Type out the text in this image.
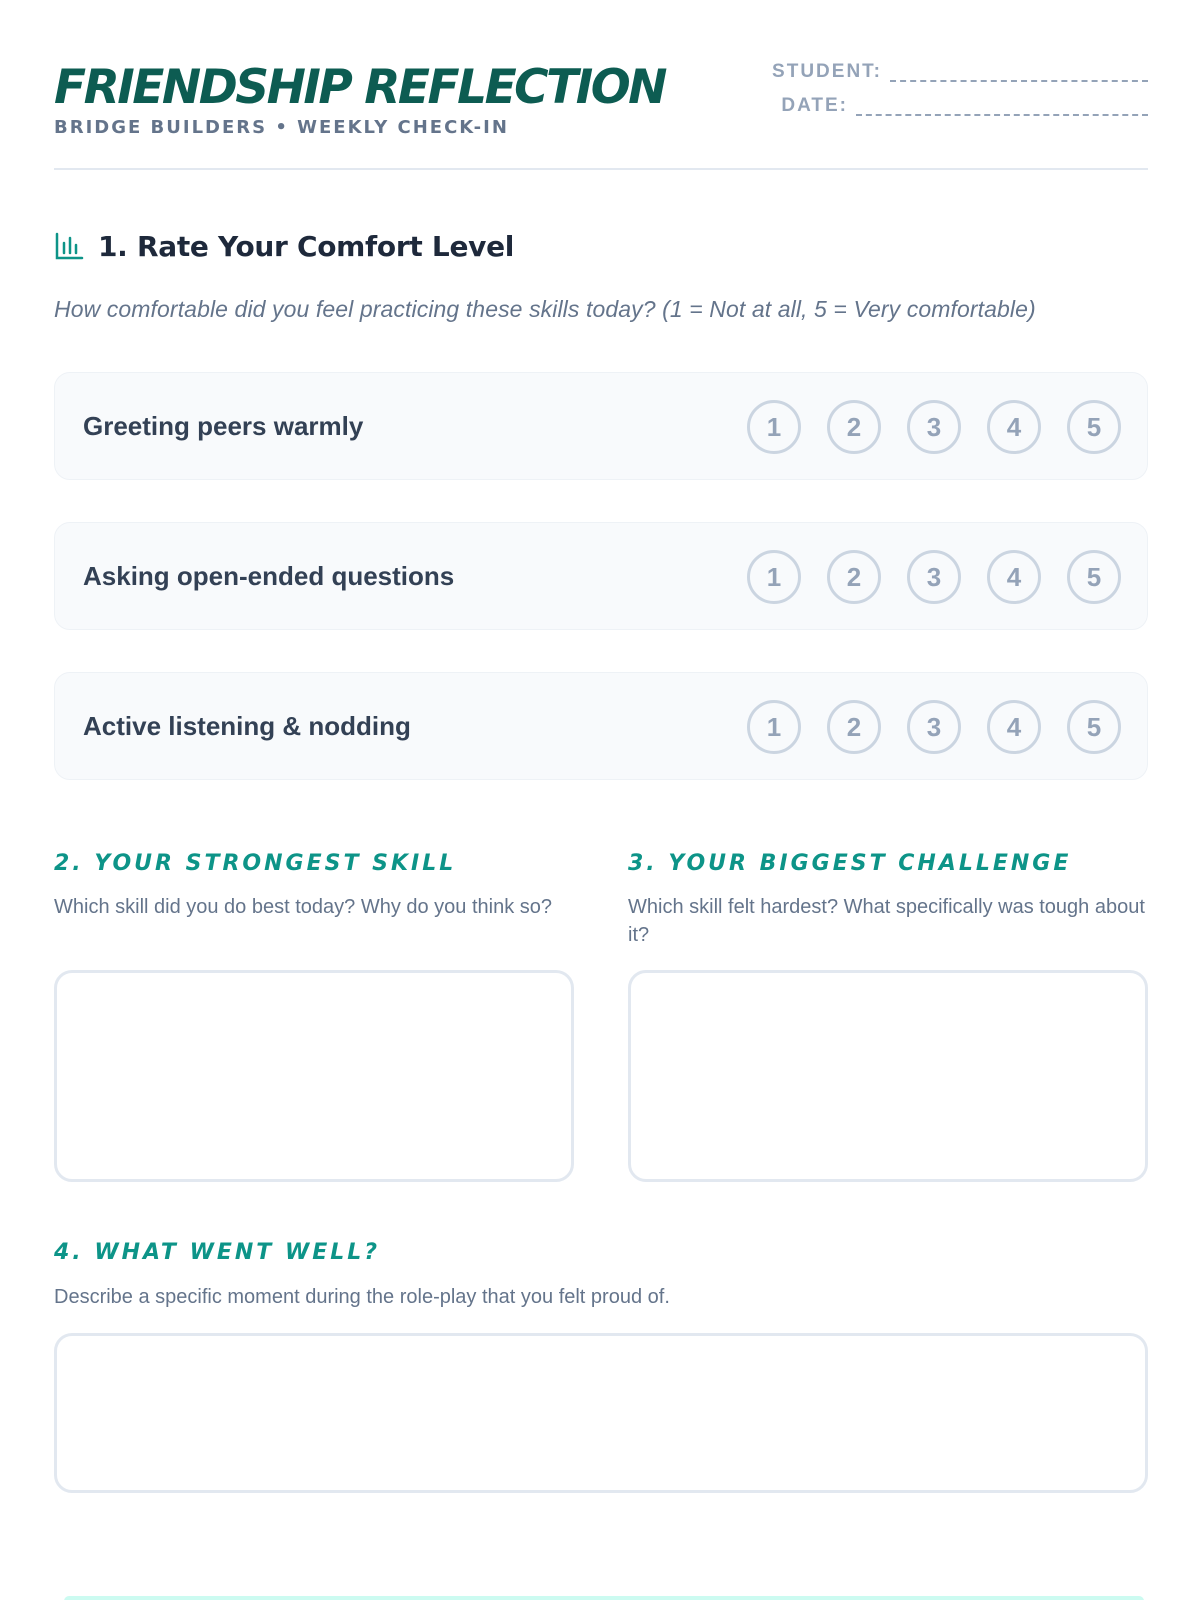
FRIENDSHIP REFLECTION
BRIDGE BUILDERS • WEEKLY CHECK-IN
STUDENT:
DATE:
1. Rate Your Comfort Level
How comfortable did you feel practicing these skills today? (1 = Not at all, 5 = Very comfortable)
Greeting peers warmly	1	2	3	4	5
Asking open-ended questions	1	2	3	4	5
Active listening & nodding	1	2	3	4	5
2. YOUR STRONGEST SKILL
Which skill did you do best today? Why do you think so?
3. YOUR BIGGEST CHALLENGE
Which skill felt hardest? What specifically was tough about it?
4. WHAT WENT WELL?
Describe a specific moment during the role-play that you felt proud of.
